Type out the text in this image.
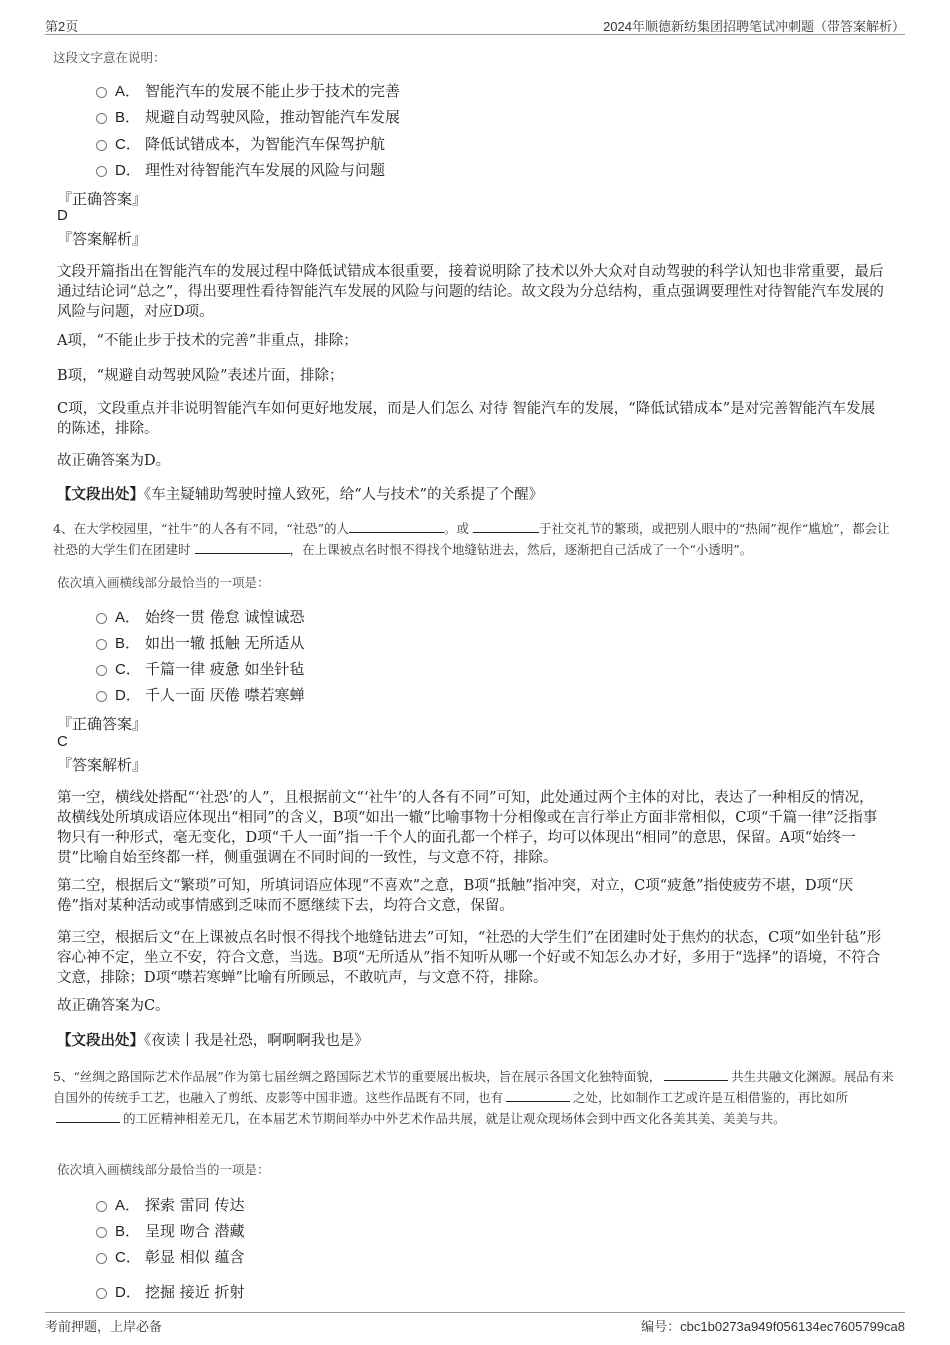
第2页	2024年顺德新纺集团招聘笔试冲刺题（带答案解析）
这段文字意在说明：
A． 智能汽车的发展不能止步于技术的完善
B． 规避自动驾驶风险，推动智能汽车发展
C． 降低试错成本，为智能汽车保驾护航
D． 理性对待智能汽车发展的风险与问题
『正确答案』
D
『答案解析』
文段开篇指出在智能汽车的发展过程中降低试错成本很重要，接着说明除了技术以外大众对自动驾驶的科学认知也非常重要，最后通过结论词“总之”，得出要理性看待智能汽车发展的风险与问题的结论。故文段为分总结构，重点强调要理性对待智能汽车发展的风险与问题，对应D项。
A项，“不能止步于技术的完善”非重点，排除；
B项，“规避自动驾驶风险”表述片面，排除；
C项，文段重点并非说明智能汽车如何更好地发展，而是人们怎么 对待 智能汽车的发展，“降低试错成本”是对完善智能汽车发展的陈述，排除。
故正确答案为D。
【文段出处】《车主疑辅助驾驶时撞人致死，给“人与技术”的关系提了个醒》
4、在大学校园里，“社牛”的人各有不同，“社恐”的人	。或	于社交礼节的繁琐，或把别人眼中的“热闹”视作“尴尬”，都会让社恐的大学生们在团建时	，在上课被点名时恨不得找个地缝钻进去，然后，逐渐把自己活成了一个“小透明”。
依次填入画横线部分最恰当的一项是：
A． 始终一贯 倦怠 诚惶诚恐
B． 如出一辙 抵触 无所适从
C． 千篇一律 疲惫 如坐针毡
D． 千人一面 厌倦 噤若寒蝉
『正确答案』
C
『答案解析』
第一空，横线处搭配“‘社恐’的人”，且根据前文“‘社牛’的人各有不同”可知，此处通过两个主体的对比，表达了一种相反的情况，故横线处所填成语应体现出“相同”的含义，B项“如出一辙”比喻事物十分相像或在言行举止方面非常相似，C项“千篇一律”泛指事物只有一种形式，毫无变化，D项“千人一面”指一千个人的面孔都一个样子，均可以体现出“相同”的意思，保留。A项“始终一贯”比喻自始至终都一样，侧重强调在不同时间的一致性，与文意不符，排除。
第二空，根据后文“繁琐”可知，所填词语应体现“不喜欢”之意，B项“抵触”指冲突，对立，C项“疲惫”指使疲劳不堪，D项“厌倦”指对某种活动或事情感到乏味而不愿继续下去，均符合文意，保留。
第三空，根据后文“在上课被点名时恨不得找个地缝钻进去”可知，“社恐的大学生们”在团建时处于焦灼的状态，C项“如坐针毡”形容心神不定，坐立不安，符合文意，当选。B项“无所适从”指不知听从哪一个好或不知怎么办才好，多用于“选择”的语境，不符合文意，排除；D项“噤若寒蝉”比喻有所顾忌，不敢吭声，与文意不符，排除。
故正确答案为C。
【文段出处】《夜读丨我是社恐，啊啊啊我也是》
5、“丝绸之路国际艺术作品展”作为第七届丝绸之路国际艺术节的重要展出板块，旨在展示各国文化独特面貌，	共生共融文化渊源。展品有来自国外的传统手工艺，也融入了剪纸、皮影等中国非遗。这些作品既有不同，也有	之处，比如制作工艺或许是互相借鉴的，再比如所的工匠精神相差无几，在本届艺术节期间举办中外艺术作品共展，就是让观众现场体会到中西文化各美其美、美美与共。
依次填入画横线部分最恰当的一项是：
A． 探索 雷同 传达
B． 呈现 吻合 潜藏
C． 彰显 相似 蕴含
D． 挖掘 接近 折射
考前押题，上岸必备	编号：cbc1b0273a949f056134ec7605799ca8
